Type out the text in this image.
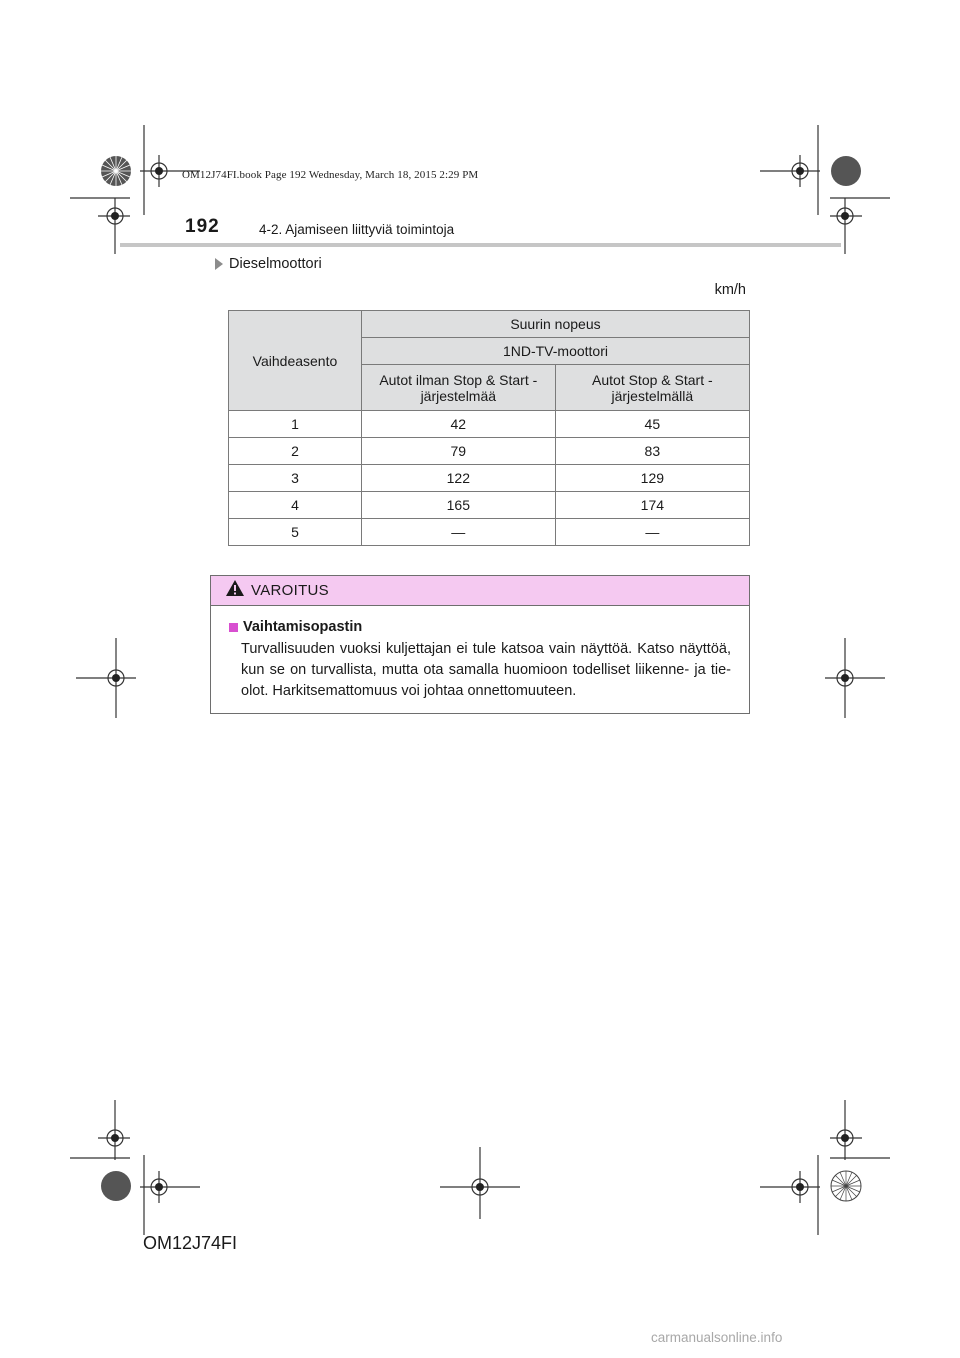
OM12J74FI.book Page 192 Wednesday, March 18, 2015 2:29 PM
192	4-2. Ajamiseen liittyviä toimintoja
Dieselmoottori
km/h
Vaihdeasento	Suurin nopeus	
	1ND-TV-moottori	
	Autot ilman Stop & Start -järjestelmää	Autot Stop & Start -järjestelmällä
1	42	45
2	79	83
3	122	129
4	165	174
5	—	—
VAROITUS
Vaihtamisopastin
Turvallisuuden vuoksi kuljettajan ei tule katsoa vain näyttöä. Katso näyttöä, kun se on turvallista, mutta ota samalla huomioon todelliset liikenne- ja tie-olot. Harkitsemattomuus voi johtaa onnettomuuteen.
OM12J74FI
carmanualsonline.info
